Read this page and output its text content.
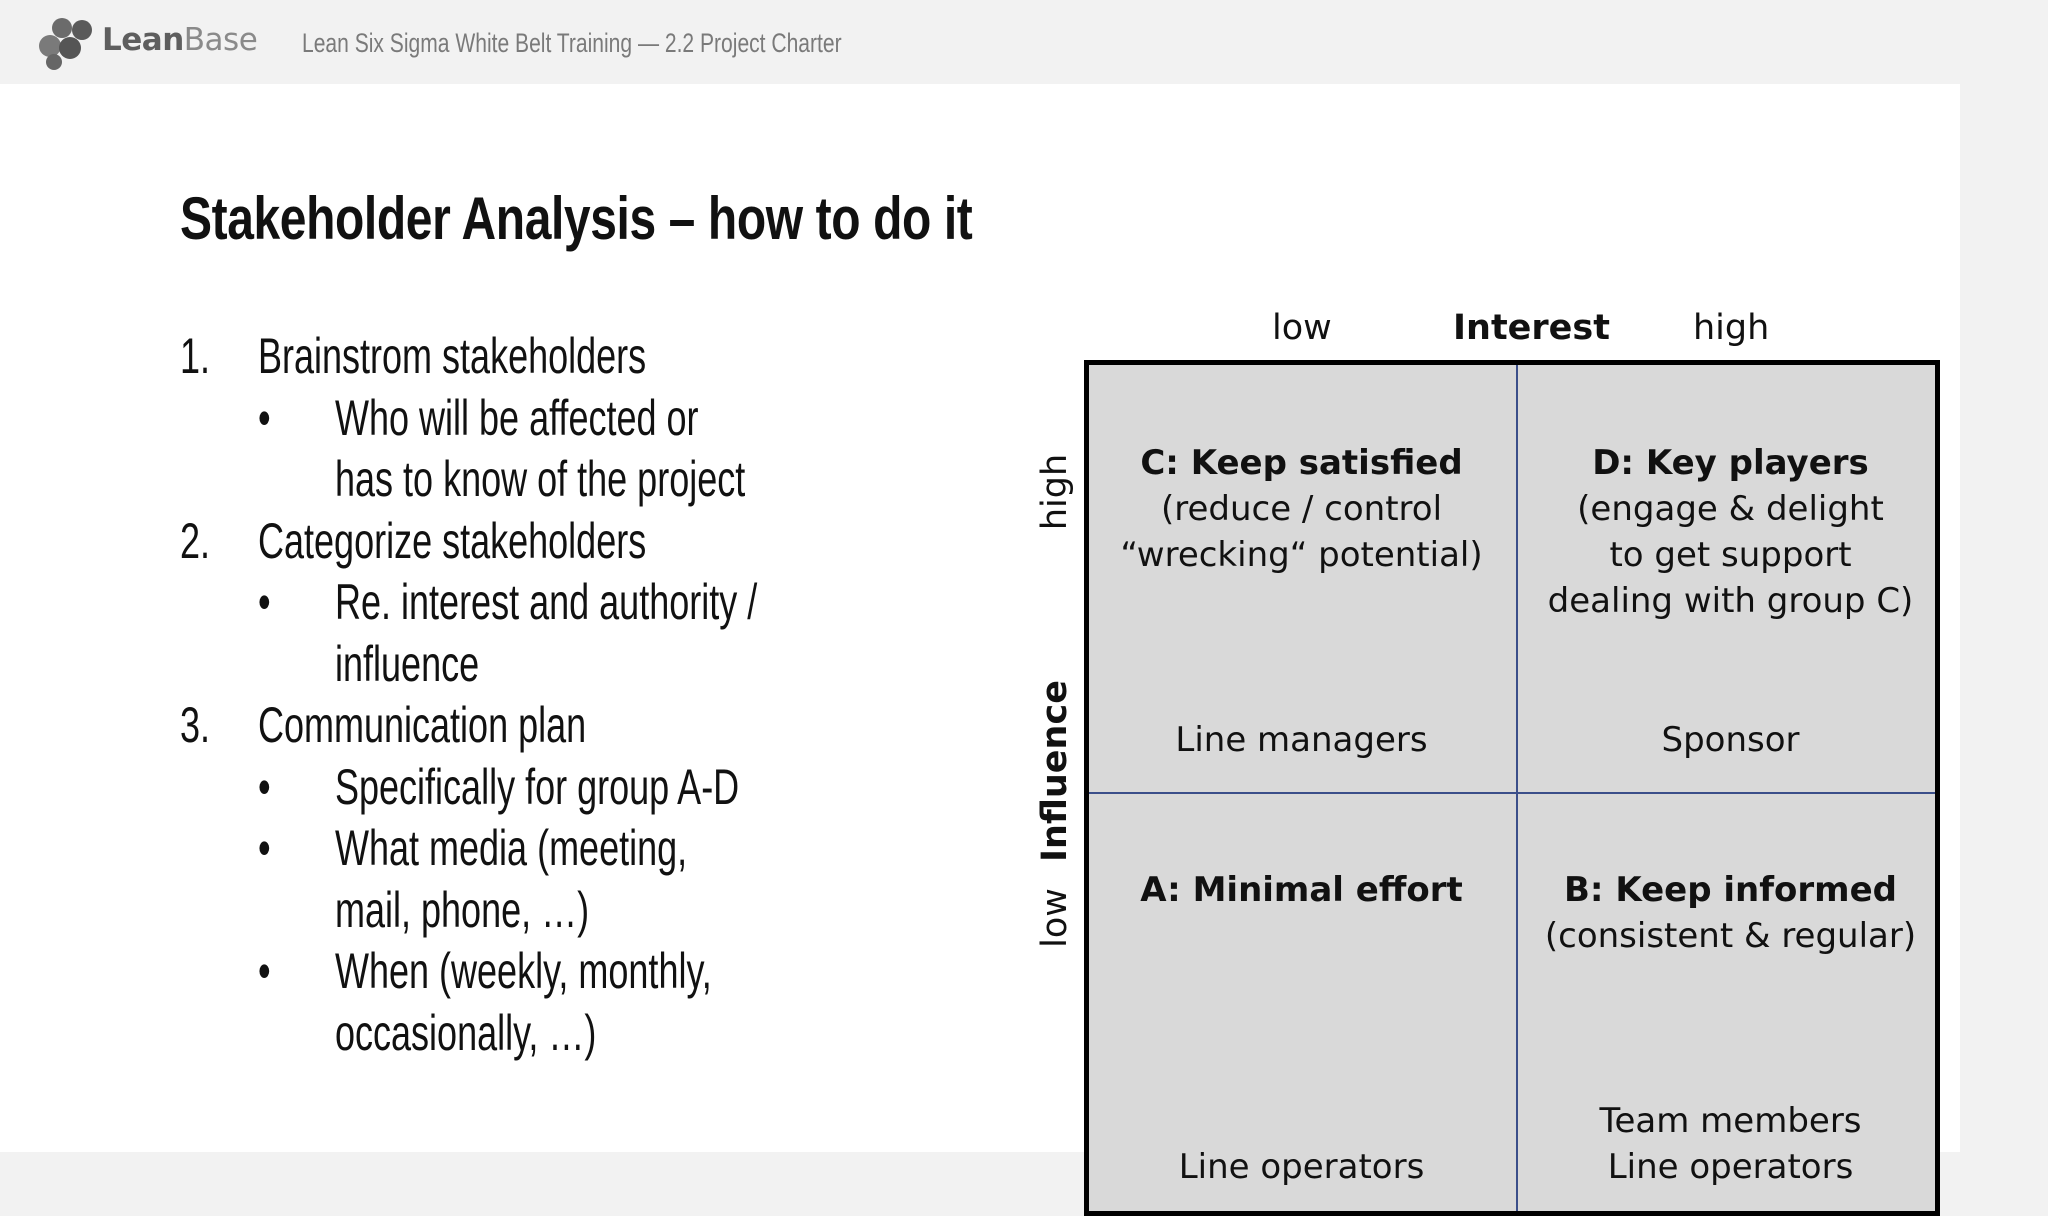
LeanBase Lean Six Sigma White Belt Training — 2.2 Project Charter
Stakeholder Analysis – how to do it
1. Brainstrom stakeholders
• Who will be affected or
has to know of the project
2. Categorize stakeholders
• Re. interest and authority /
influence
3. Communication plan
• Specifically for group A-D
• What media (meeting,
mail, phone, …)
• When (weekly, monthly,
occasionally, …)
low	Interest high
high
Influence
low
C: Keep satisfied
(reduce / control
“wrecking“ potential)
Line managers
D: Key players
(engage & delight
to get support
dealing with group C)
Sponsor
A: Minimal effort
Line operators
B: Keep informed
(consistent & regular)
Team members
Line operators
